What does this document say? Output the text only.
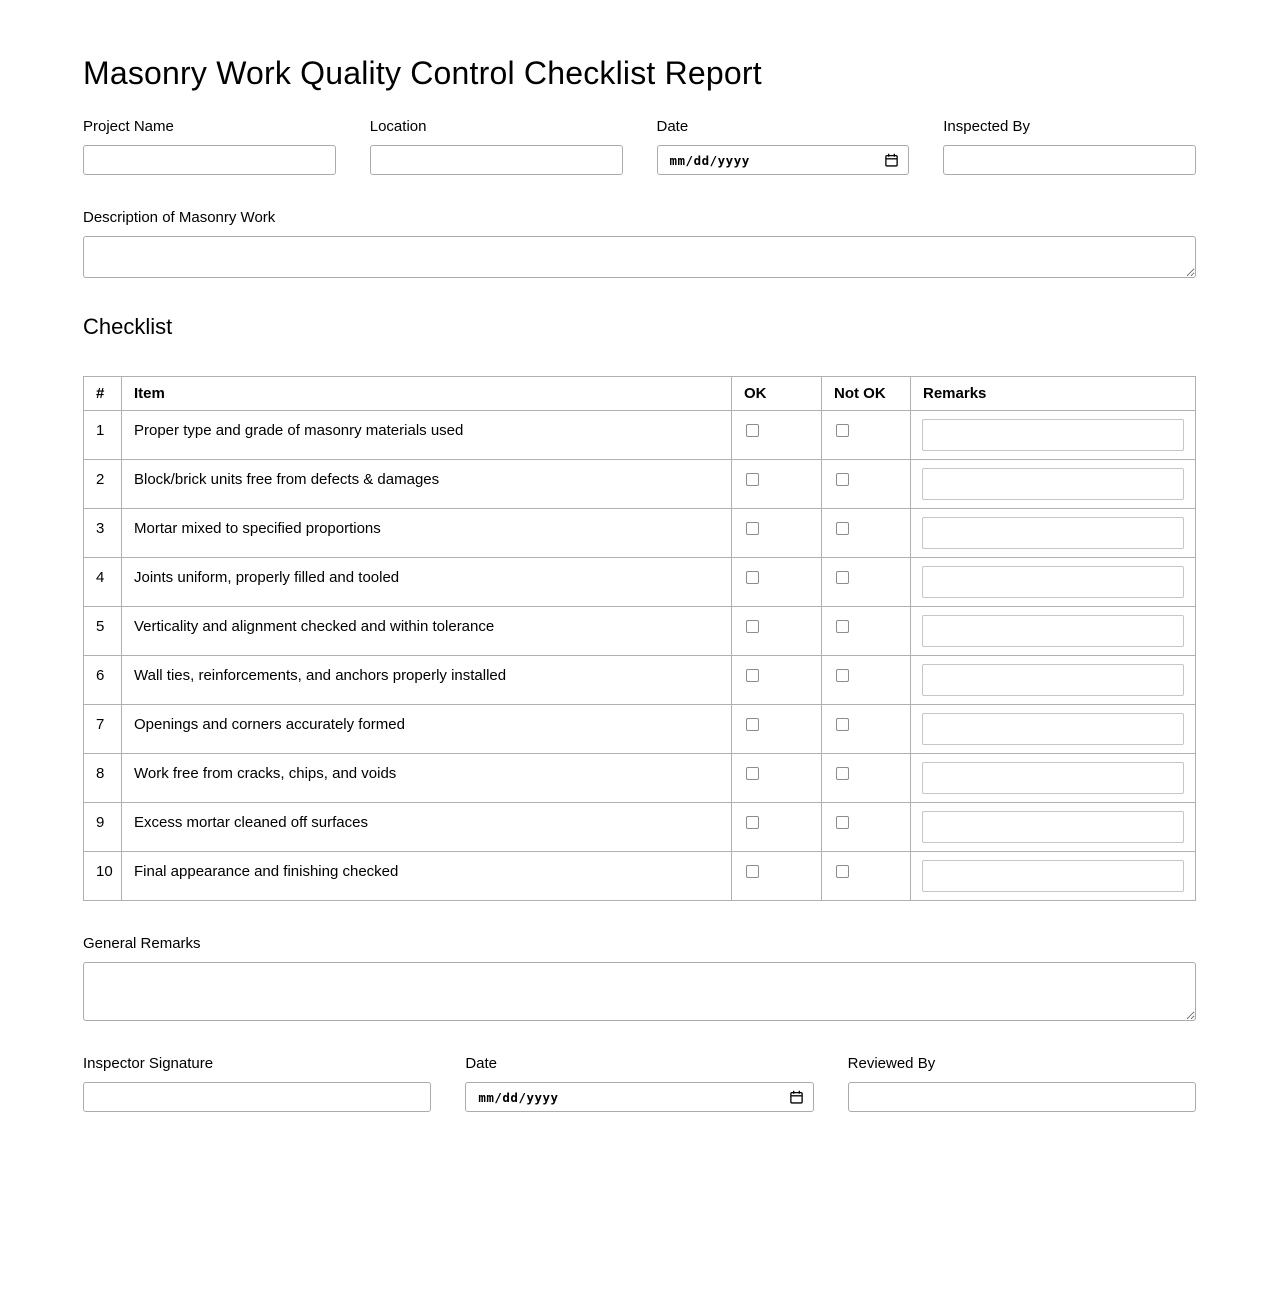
Masonry Work Quality Control Checklist Report
Project Name	Location	Date
mm/dd/yyyy
Inspected By
Description of Masonry Work
Checklist
#	Item	OK	Not OK	Remarks
1	Proper type and grade of masonry materials used			
2	Block/brick units free from defects & damages			
3	Mortar mixed to specified proportions			
4	Joints uniform, properly filled and tooled			
5	Verticality and alignment checked and within tolerance			
6	Wall ties, reinforcements, and anchors properly installed			
7	Openings and corners accurately formed			
8	Work free from cracks, chips, and voids			
9	Excess mortar cleaned off surfaces			
10	Final appearance and finishing checked			
General Remarks
Inspector Signature	Date
mm/dd/yyyy
Reviewed By
